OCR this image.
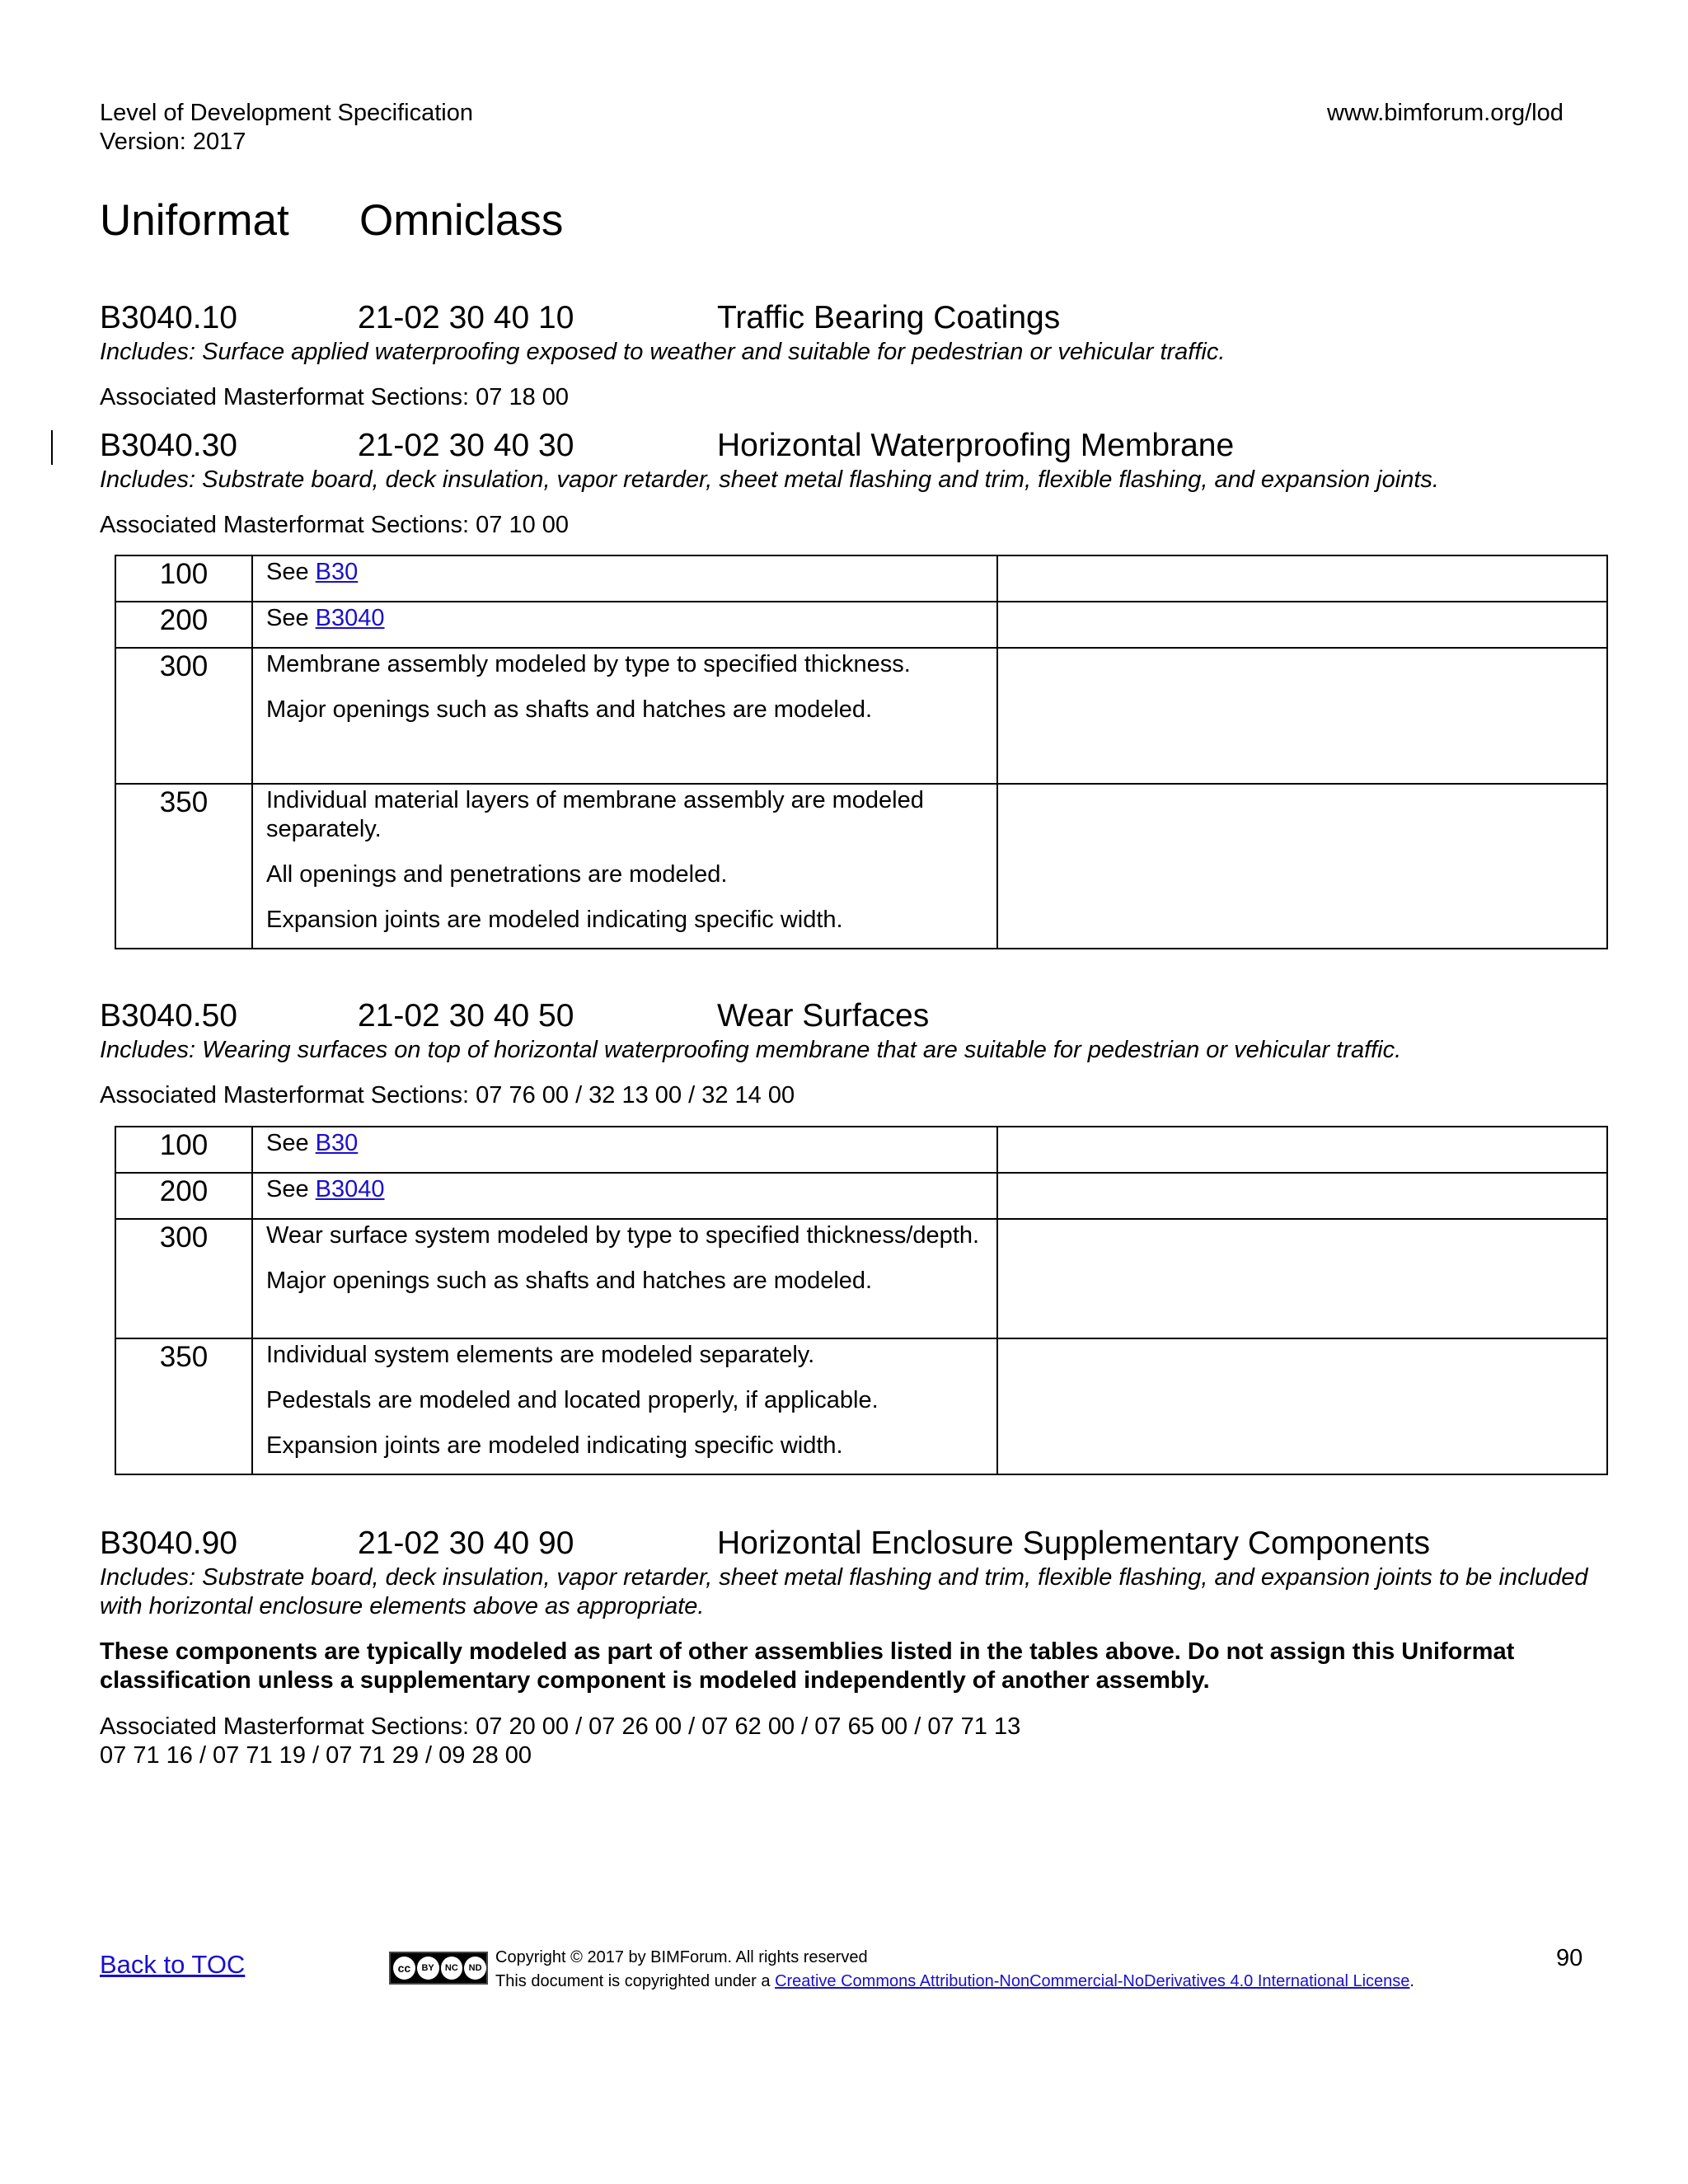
Level of Development Specification
Version: 2017
www.bimforum.org/lod
Uniformat Omniclass
B3040.10	21-02 30 40 10	Traffic Bearing Coatings
Includes: Surface applied waterproofing exposed to weather and suitable for pedestrian or vehicular traffic.
Associated Masterformat Sections: 07 18 00
B3040.30	21-02 30 40 30	Horizontal Waterproofing Membrane
Includes: Substrate board, deck insulation, vapor retarder, sheet metal flashing and trim, flexible flashing, and expansion joints.
Associated Masterformat Sections: 07 10 00
100	See B30	
200	See B3040	
300	Membrane assembly modeled by type to specified thickness.

Major openings such as shafts and hatches are modeled.	

350	Individual material layers of membrane assembly are modeled separately.

All openings and penetrations are modeled.

Expansion joints are modeled indicating specific width.	

B3040.50	21-02 30 40 50	Wear Surfaces
Includes: Wearing surfaces on top of horizontal waterproofing membrane that are suitable for pedestrian or vehicular traffic.
Associated Masterformat Sections: 07 76 00 / 32 13 00 / 32 14 00
100	See B30	
200	See B3040	
300	Wear surface system modeled by type to specified thickness/depth.

Major openings such as shafts and hatches are modeled.	

350	Individual system elements are modeled separately.

Pedestals are modeled and located properly, if applicable.

Expansion joints are modeled indicating specific width.	

B3040.90	21-02 30 40 90	Horizontal Enclosure Supplementary Components
Includes: Substrate board, deck insulation, vapor retarder, sheet metal flashing and trim, flexible flashing, and expansion joints to be included with horizontal enclosure elements above as appropriate.
These components are typically modeled as part of other assemblies listed in the tables above. Do not assign this Uniformat classification unless a supplementary component is modeled independently of another assembly.
Associated Masterformat Sections: 07 20 00 / 07 26 00 / 07 62 00 / 07 65 00 / 07 71 13
07 71 16 / 07 71 19 / 07 71 29 / 09 28 00
Back to TOC	cc	BY	NC	ND
Copyright © 2017 by BIMForum. All rights reserved
This document is copyrighted under a Creative Commons Attribution-NonCommercial-NoDerivatives 4.0 International License.
90
